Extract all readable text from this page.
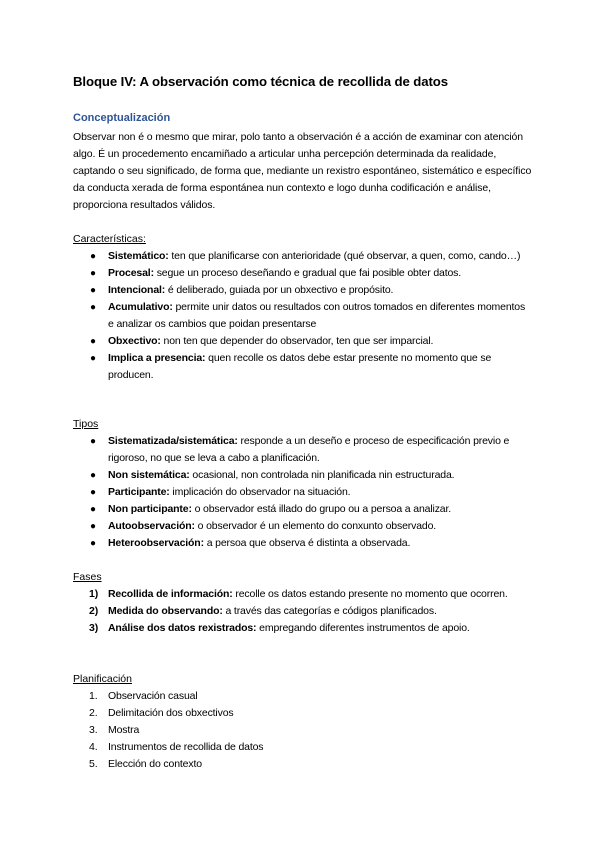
Bloque IV: A observación como técnica de recollida de datos
Conceptualización
Observar non é o mesmo que mirar, polo tanto a observación é a acción de examinar con atención algo. É un procedemento encamiñado a articular unha percepción determinada da realidade, captando o seu significado, de forma que, mediante un rexistro espontáneo, sistemático e específico da conducta xerada de forma espontánea nun contexto e logo dunha codificación e análise, proporciona resultados válidos.
Características:
● Sistemático: ten que planificarse con anterioridade (qué observar, a quen, como, cando…)
● Procesal: segue un proceso deseñando e gradual que fai posible obter datos.
● Intencional: é deliberado, guiada por un obxectivo e propósito.
● Acumulativo: permite unir datos ou resultados con outros tomados en diferentes momentos e analizar os cambios que poidan presentarse
● Obxectivo: non ten que depender do observador, ten que ser imparcial.
● Implica a presencia: quen recolle os datos debe estar presente no momento que se producen.
Tipos
● Sistematizada/sistemática: responde a un deseño e proceso de especificación previo e rigoroso, no que se leva a cabo a planificación.
● Non sistemática: ocasional, non controlada nin planificada nin estructurada.
● Participante: implicación do observador na situación.
● Non participante: o observador está illado do grupo ou a persoa a analizar.
● Autoobservación: o observador é un elemento do conxunto observado.
● Heteroobservación: a persoa que observa é distinta a observada.
Fases
1) Recollida de información: recolle os datos estando presente no momento que ocorren.
2) Medida do observando: a través das categorías e códigos planificados.
3) Análise dos datos rexistrados: empregando diferentes instrumentos de apoio.
Planificación
1. Observación casual
2. Delimitación dos obxectivos
3. Mostra
4. Instrumentos de recollida de datos
5. Elección do contexto
